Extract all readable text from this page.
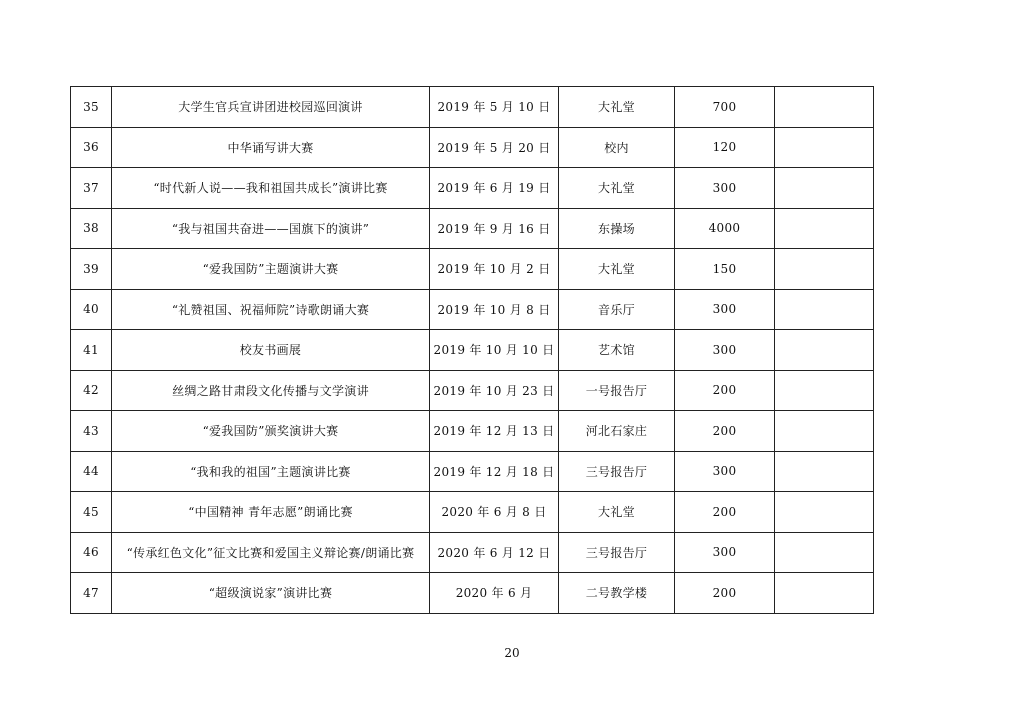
35	大学生官兵宣讲团进校园巡回演讲	2019 年 5 月 10 日	大礼堂	700	
36	中华诵写讲大赛	2019 年 5 月 20 日	校内	120	
37	“时代新人说——我和祖国共成长”演讲比赛	2019 年 6 月 19 日	大礼堂	300	
38	“我与祖国共奋进——国旗下的演讲”	2019 年 9 月 16 日	东操场	4000	
39	“爱我国防”主题演讲大赛	2019 年 10 月 2 日	大礼堂	150	
40	“礼赞祖国、祝福师院”诗歌朗诵大赛	2019 年 10 月 8 日	音乐厅	300	
41	校友书画展	2019 年 10 月 10 日	艺术馆	300	
42	丝绸之路甘肃段文化传播与文学演讲	2019 年 10 月 23 日	一号报告厅	200	
43	“爱我国防”颁奖演讲大赛	2019 年 12 月 13 日	河北石家庄	200	
44	“我和我的祖国”主题演讲比赛	2019 年 12 月 18 日	三号报告厅	300	
45	“中国精神 青年志愿”朗诵比赛	2020 年 6 月 8 日	大礼堂	200	
46	“传承红色文化”征文比赛和爱国主义辩论赛/朗诵比赛	2020 年 6 月 12 日	三号报告厅	300	
47	“超级演说家”演讲比赛	2020 年 6 月	二号教学楼	200	
20
